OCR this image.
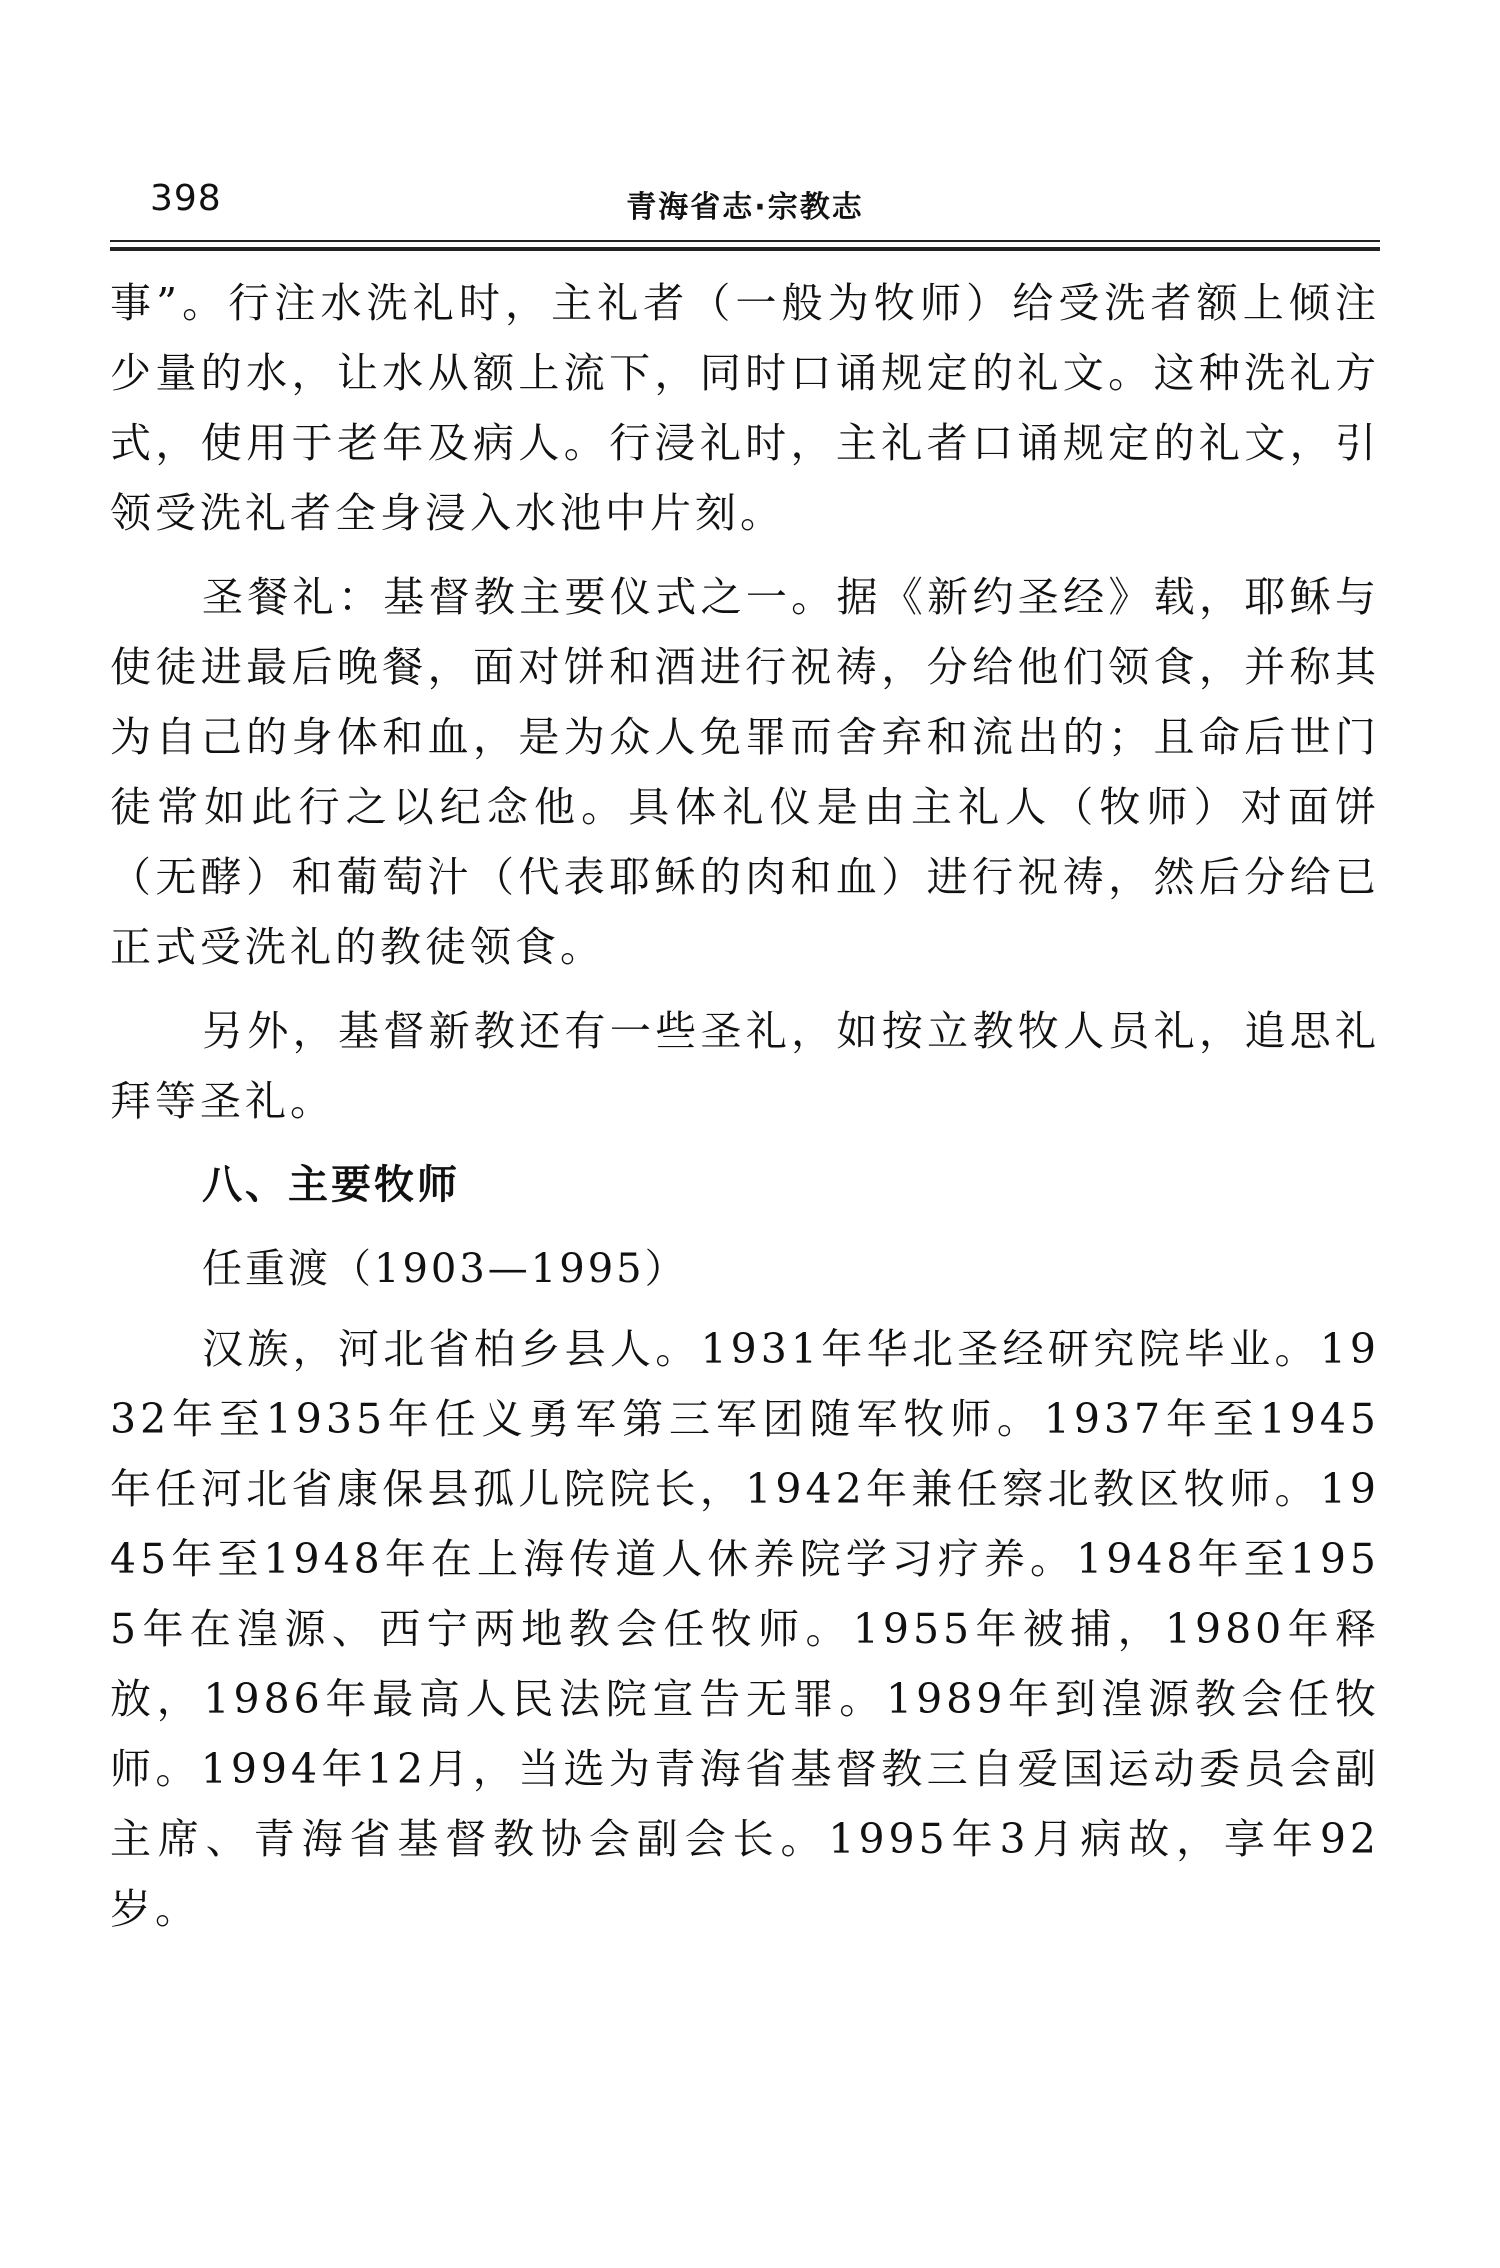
398	青海省志·宗教志

事”。行注水洗礼时，主礼者（一般为牧师）给受洗者额上倾注少量的水，让水从额上流下，同时口诵规定的礼文。这种洗礼方式，使用于老年及病人。行浸礼时，主礼者口诵规定的礼文，引领受洗礼者全身浸入水池中片刻。

圣餐礼：基督教主要仪式之一。据《新约圣经》载，耶稣与使徒进最后晚餐，面对饼和酒进行祝祷，分给他们领食，并称其为自己的身体和血，是为众人免罪而舍弃和流出的；且命后世门徒常如此行之以纪念他。具体礼仪是由主礼人（牧师）对面饼（无酵）和葡萄汁（代表耶稣的肉和血）进行祝祷，然后分给已正式受洗礼的教徒领食。

另外，基督新教还有一些圣礼，如按立教牧人员礼，追思礼拜等圣礼。

八、主要牧师
任重渡（1903—1995）

汉族，河北省柏乡县人。1931年华北圣经研究院毕业。1932年至1935年任义勇军第三军团随军牧师。1937年至1945年任河北省康保县孤儿院院长，1942年兼任察北教区牧师。1945年至1948年在上海传道人休养院学习疗养。1948年至1955年在湟源、西宁两地教会任牧师。1955年被捕，1980年释放，1986年最高人民法院宣告无罪。1989年到湟源教会任牧师。1994年12月，当选为青海省基督教三自爱国运动委员会副主席、青海省基督教协会副会长。1995年3月病故，享年92岁。
